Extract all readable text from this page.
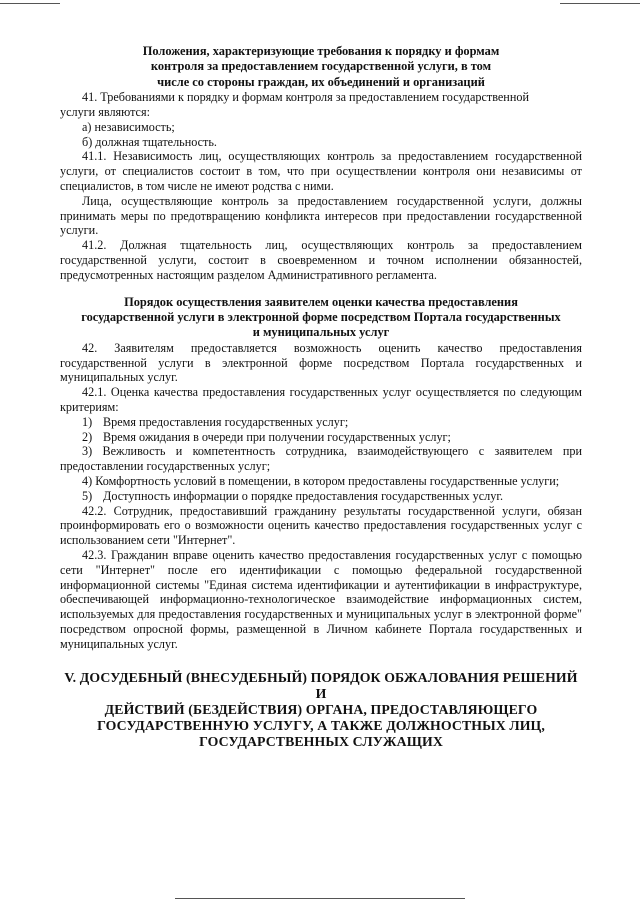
Положения, характеризующие требования к порядку и формам
контроля за предоставлением государственной услуги, в том
числе со стороны граждан, их объединений и организаций

41. Требованиями к порядку и формам контроля за предоставлением государственной

услуги являются:

а) независимость;

б) должная тщательность.

41.1. Независимость лиц, осуществляющих контроль за предоставлением государственной услуги, от специалистов состоит в том, что при осуществлении контроля они независимы от специалистов, в том числе не имеют родства с ними.

Лица, осуществляющие контроль за предоставлением государственной услуги, должны принимать меры по предотвращению конфликта интересов при предоставлении государственной услуги.

41.2. Должная тщательность лиц, осуществляющих контроль за предоставлением государственной услуги, состоит в своевременном и точном исполнении обязанностей, предусмотренных настоящим разделом Административного регламента.

Порядок осуществления заявителем оценки качества предоставления
государственной услуги в электронной форме посредством Портала государственных
и муниципальных услуг

42. Заявителям предоставляется возможность оценить качество предоставления государственной услуги в электронной форме посредством Портала государственных и муниципальных услуг.

42.1. Оценка качества предоставления государственных услуг осуществляется по следующим критериям:

1) Время предоставления государственных услуг;

2) Время ожидания в очереди при получении государственных услуг;

3) Вежливость и компетентность сотрудника, взаимодействующего с заявителем при предоставлении государственных услуг;

4) Комфортность условий в помещении, в котором предоставлены государственные услуги;

5) Доступность информации о порядке предоставления государственных услуг.

42.2. Сотрудник, предоставивший гражданину результаты государственной услуги, обязан проинформировать его о возможности оценить качество предоставления государственных услуг с использованием сети "Интернет".

42.3. Гражданин вправе оценить качество предоставления государственных услуг с помощью сети "Интернет" после его идентификации с помощью федеральной государственной информационной системы "Единая система идентификации и аутентификации в инфраструктуре, обеспечивающей информационно-технологическое взаимодействие информационных систем, используемых для предоставления государственных и муниципальных услуг в электронной форме" посредством опросной формы, размещенной в Личном кабинете Портала государственных и муниципальных услуг.

V. ДОСУДЕБНЫЙ (ВНЕСУДЕБНЫЙ) ПОРЯДОК ОБЖАЛОВАНИЯ РЕШЕНИЙ И
ДЕЙСТВИЙ (БЕЗДЕЙСТВИЯ) ОРГАНА, ПРЕДОСТАВЛЯЮЩЕГО
ГОСУДАРСТВЕННУЮ УСЛУГУ, А ТАКЖЕ ДОЛЖНОСТНЫХ ЛИЦ,
ГОСУДАРСТВЕННЫХ СЛУЖАЩИХ
